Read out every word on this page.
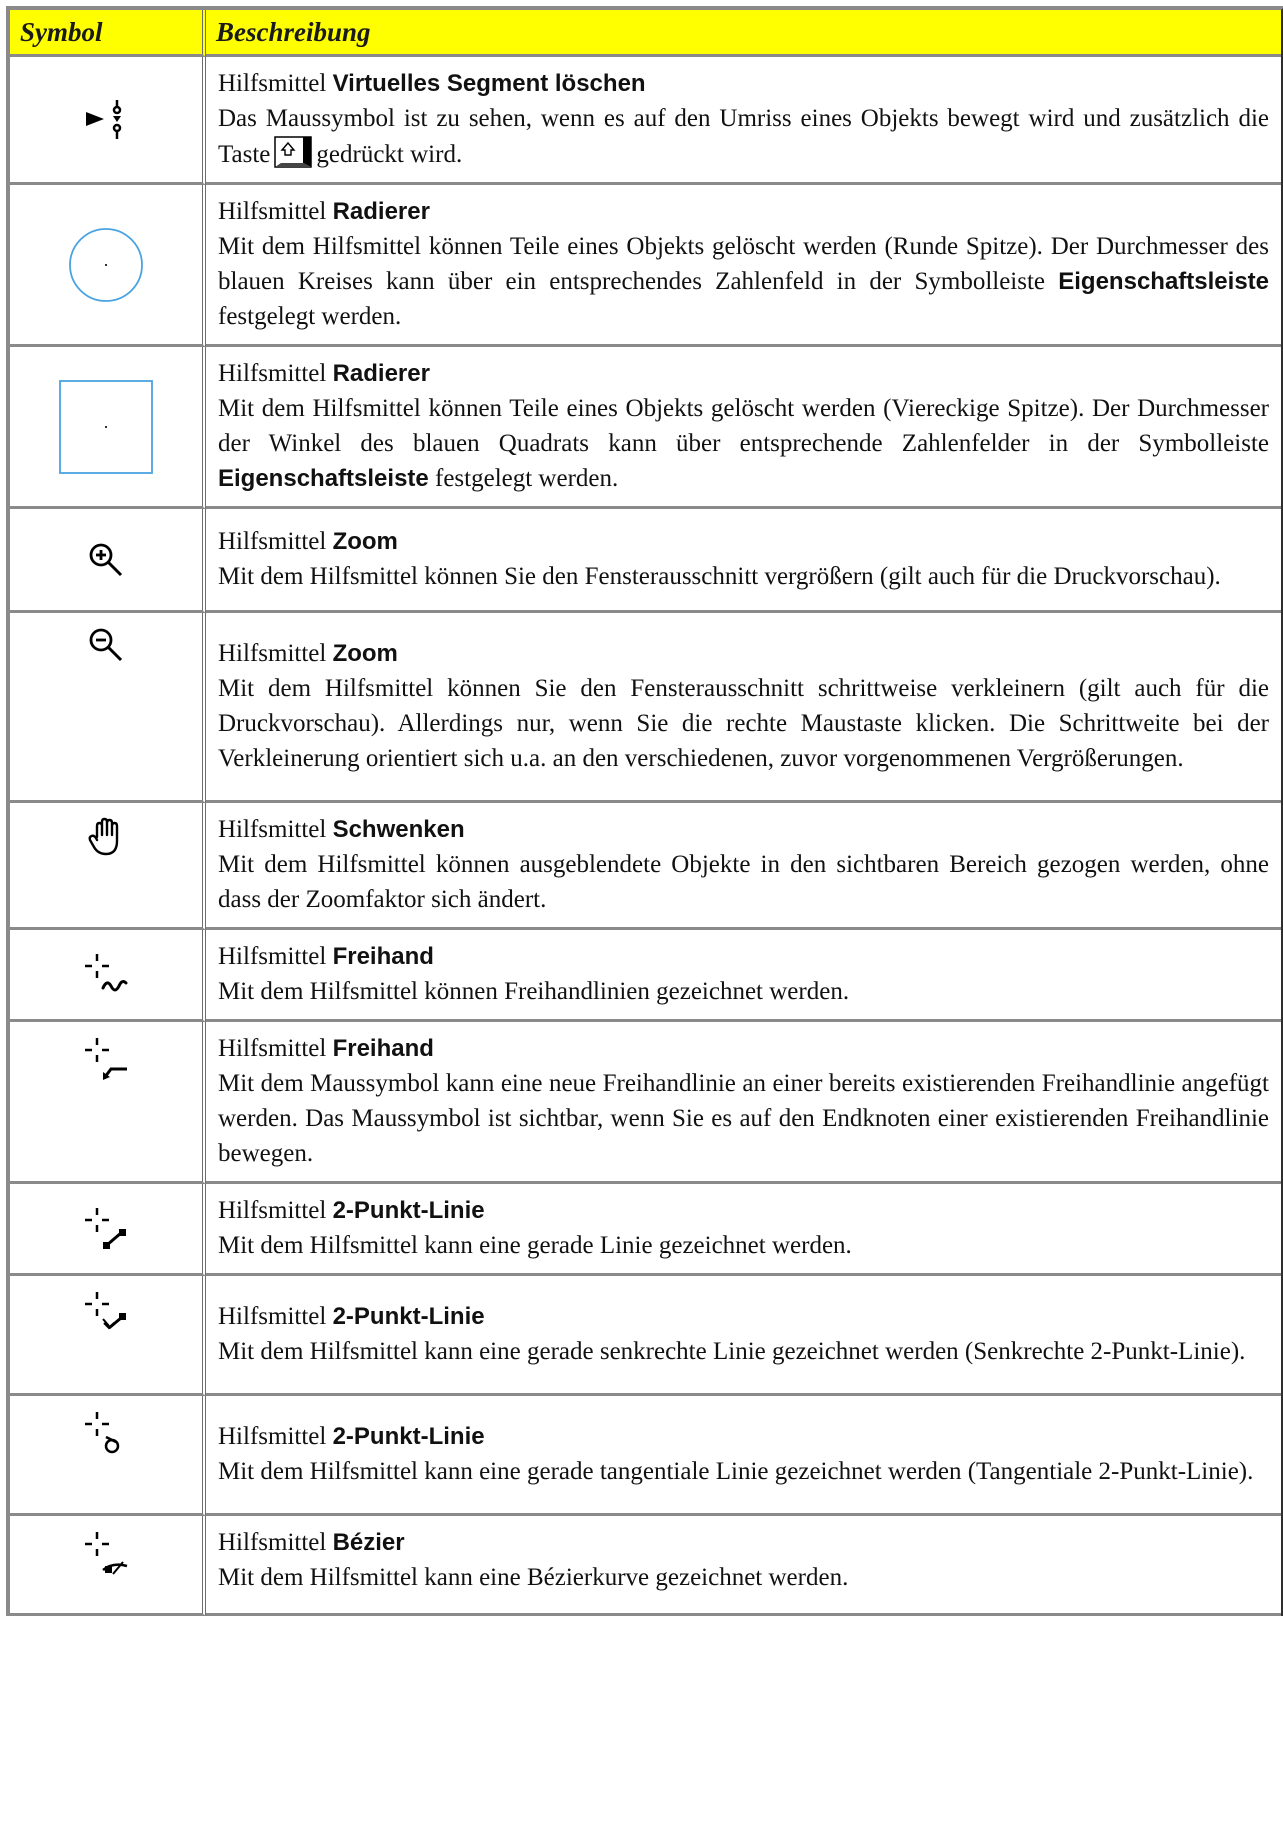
Symbol	Beschreibung

Hilfsmittel Virtuelles Segment löschen
Das Maussymbol ist zu sehen, wenn es auf den Umriss eines Objekts bewegt wird und zusätzlich die Taste gedrückt wird.

Hilfsmittel Radierer
Mit dem Hilfsmittel können Teile eines Objekts gelöscht werden (Runde Spitze). Der Durchmesser des blauen Kreises kann über ein entsprechendes Zahlenfeld in der Symbolleiste Eigenschaftsleiste festgelegt werden.

Hilfsmittel Radierer
Mit dem Hilfsmittel können Teile eines Objekts gelöscht werden (Viereckige Spitze). Der Durchmesser der Winkel des blauen Quadrats kann über entsprechende Zahlenfelder in der Symbolleiste Eigenschaftsleiste festgelegt werden.

Hilfsmittel Zoom
Mit dem Hilfsmittel können Sie den Fensterausschnitt vergrößern (gilt auch für die Druckvorschau).

Hilfsmittel Zoom
Mit dem Hilfsmittel können Sie den Fensterausschnitt schrittweise verkleinern (gilt auch für die Druckvorschau). Allerdings nur, wenn Sie die rechte Maustaste klicken. Die Schrittweite bei der Verkleinerung orientiert sich u.a. an den verschiedenen, zuvor vorgenommenen Vergrößerungen.

Hilfsmittel Schwenken
Mit dem Hilfsmittel können ausgeblendete Objekte in den sichtbaren Bereich gezogen werden, ohne dass der Zoomfaktor sich ändert.

Hilfsmittel Freihand
Mit dem Hilfsmittel können Freihandlinien gezeichnet werden.

Hilfsmittel Freihand
Mit dem Maussymbol kann eine neue Freihandlinie an einer bereits existierenden Freihandlinie angefügt werden. Das Maussymbol ist sichtbar, wenn Sie es auf den Endknoten einer existierenden Freihandlinie bewegen.

Hilfsmittel 2-Punkt-Linie
Mit dem Hilfsmittel kann eine gerade Linie gezeichnet werden.

Hilfsmittel 2-Punkt-Linie
Mit dem Hilfsmittel kann eine gerade senkrechte Linie gezeichnet werden (Senkrechte 2-Punkt-Linie).

Hilfsmittel 2-Punkt-Linie
Mit dem Hilfsmittel kann eine gerade tangentiale Linie gezeichnet werden (Tangentiale 2-Punkt-Linie).

Hilfsmittel Bézier
Mit dem Hilfsmittel kann eine Bézierkurve gezeichnet werden.
